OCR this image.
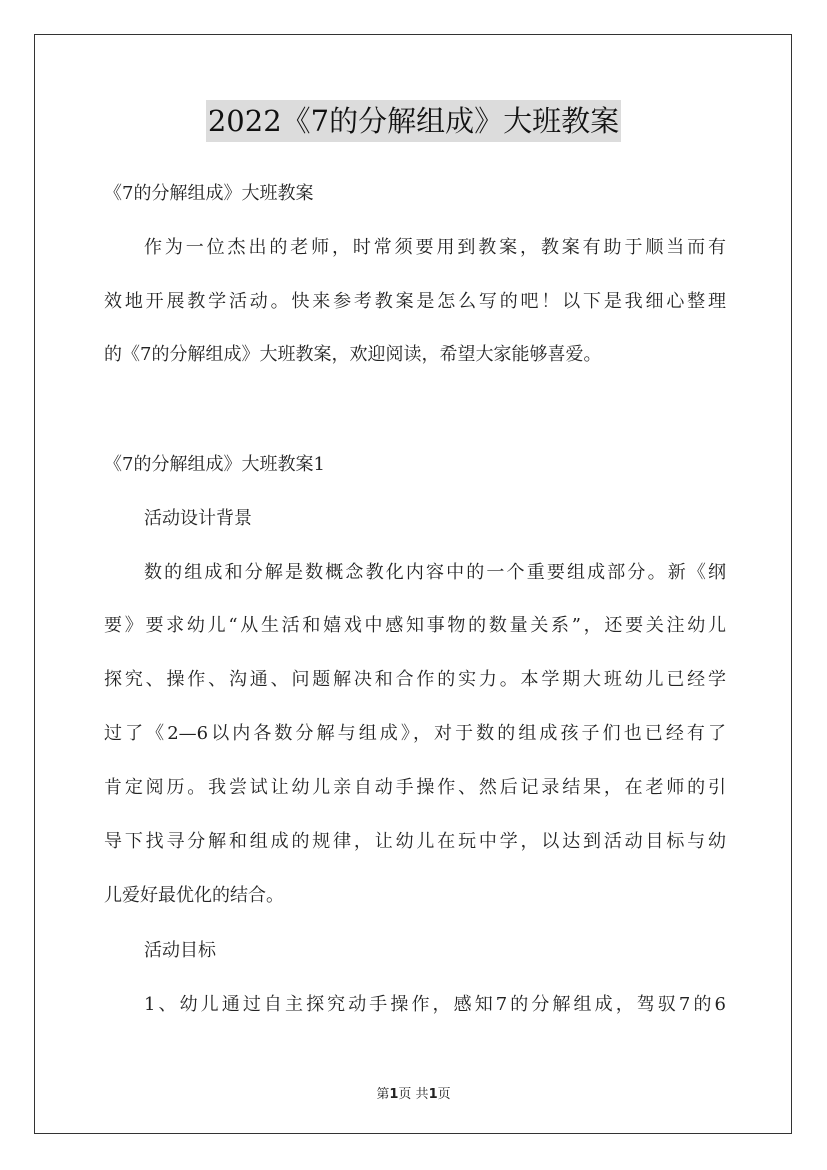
2022《7的分解组成》大班教案
《7的分解组成》大班教案
作为一位杰出的老师，时常须要用到教案，教案有助于顺当而有
效地开展教学活动。快来参考教案是怎么写的吧！以下是我细心整理
的《7的分解组成》大班教案，欢迎阅读，希望大家能够喜爱。
《7的分解组成》大班教案1
活动设计背景
数的组成和分解是数概念教化内容中的一个重要组成部分。新《纲
要》要求幼儿“从生活和嬉戏中感知事物的数量关系”，还要关注幼儿
探究、操作、沟通、问题解决和合作的实力。本学期大班幼儿已经学
过了《2—6以内各数分解与组成》，对于数的组成孩子们也已经有了
肯定阅历。我尝试让幼儿亲自动手操作、然后记录结果，在老师的引
导下找寻分解和组成的规律，让幼儿在玩中学，以达到活动目标与幼
儿爱好最优化的结合。
活动目标
1、幼儿通过自主探究动手操作，感知7的分解组成，驾驭7的6
第1页 共1页
